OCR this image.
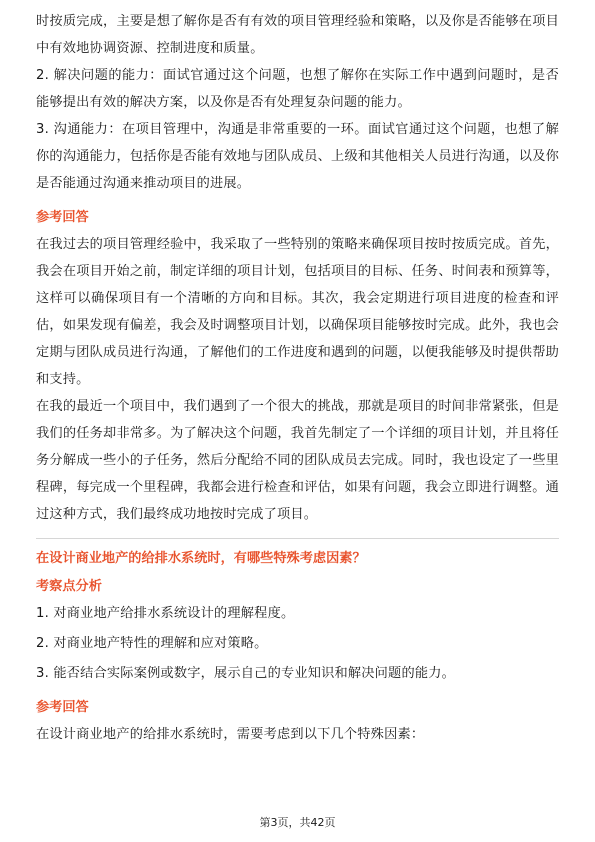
时按质完成，主要是想了解你是否有有效的项目管理经验和策略，以及你是否能够在项目中有效地协调资源、控制进度和质量。

2. 解决问题的能力：面试官通过这个问题，也想了解你在实际工作中遇到问题时，是否能够提出有效的解决方案，以及你是否有处理复杂问题的能力。

3. 沟通能力：在项目管理中，沟通是非常重要的一环。面试官通过这个问题，也想了解你的沟通能力，包括你是否能有效地与团队成员、上级和其他相关人员进行沟通，以及你是否能通过沟通来推动项目的进展。

参考回答

在我过去的项目管理经验中，我采取了一些特别的策略来确保项目按时按质完成。首先，我会在项目开始之前，制定详细的项目计划，包括项目的目标、任务、时间表和预算等，这样可以确保项目有一个清晰的方向和目标。其次，我会定期进行项目进度的检查和评估，如果发现有偏差，我会及时调整项目计划，以确保项目能够按时完成。此外，我也会定期与团队成员进行沟通，了解他们的工作进度和遇到的问题，以便我能够及时提供帮助和支持。

在我的最近一个项目中，我们遇到了一个很大的挑战，那就是项目的时间非常紧张，但是我们的任务却非常多。为了解决这个问题，我首先制定了一个详细的项目计划，并且将任务分解成一些小的子任务，然后分配给不同的团队成员去完成。同时，我也设定了一些里程碑，每完成一个里程碑，我都会进行检查和评估，如果有问题，我会立即进行调整。通过这种方式，我们最终成功地按时完成了项目。

在设计商业地产的给排水系统时，有哪些特殊考虑因素？
考察点分析

1. 对商业地产给排水系统设计的理解程度。

2. 对商业地产特性的理解和应对策略。

3. 能否结合实际案例或数字，展示自己的专业知识和解决问题的能力。

参考回答

在设计商业地产的给排水系统时，需要考虑到以下几个特殊因素：

第3页，共42页
